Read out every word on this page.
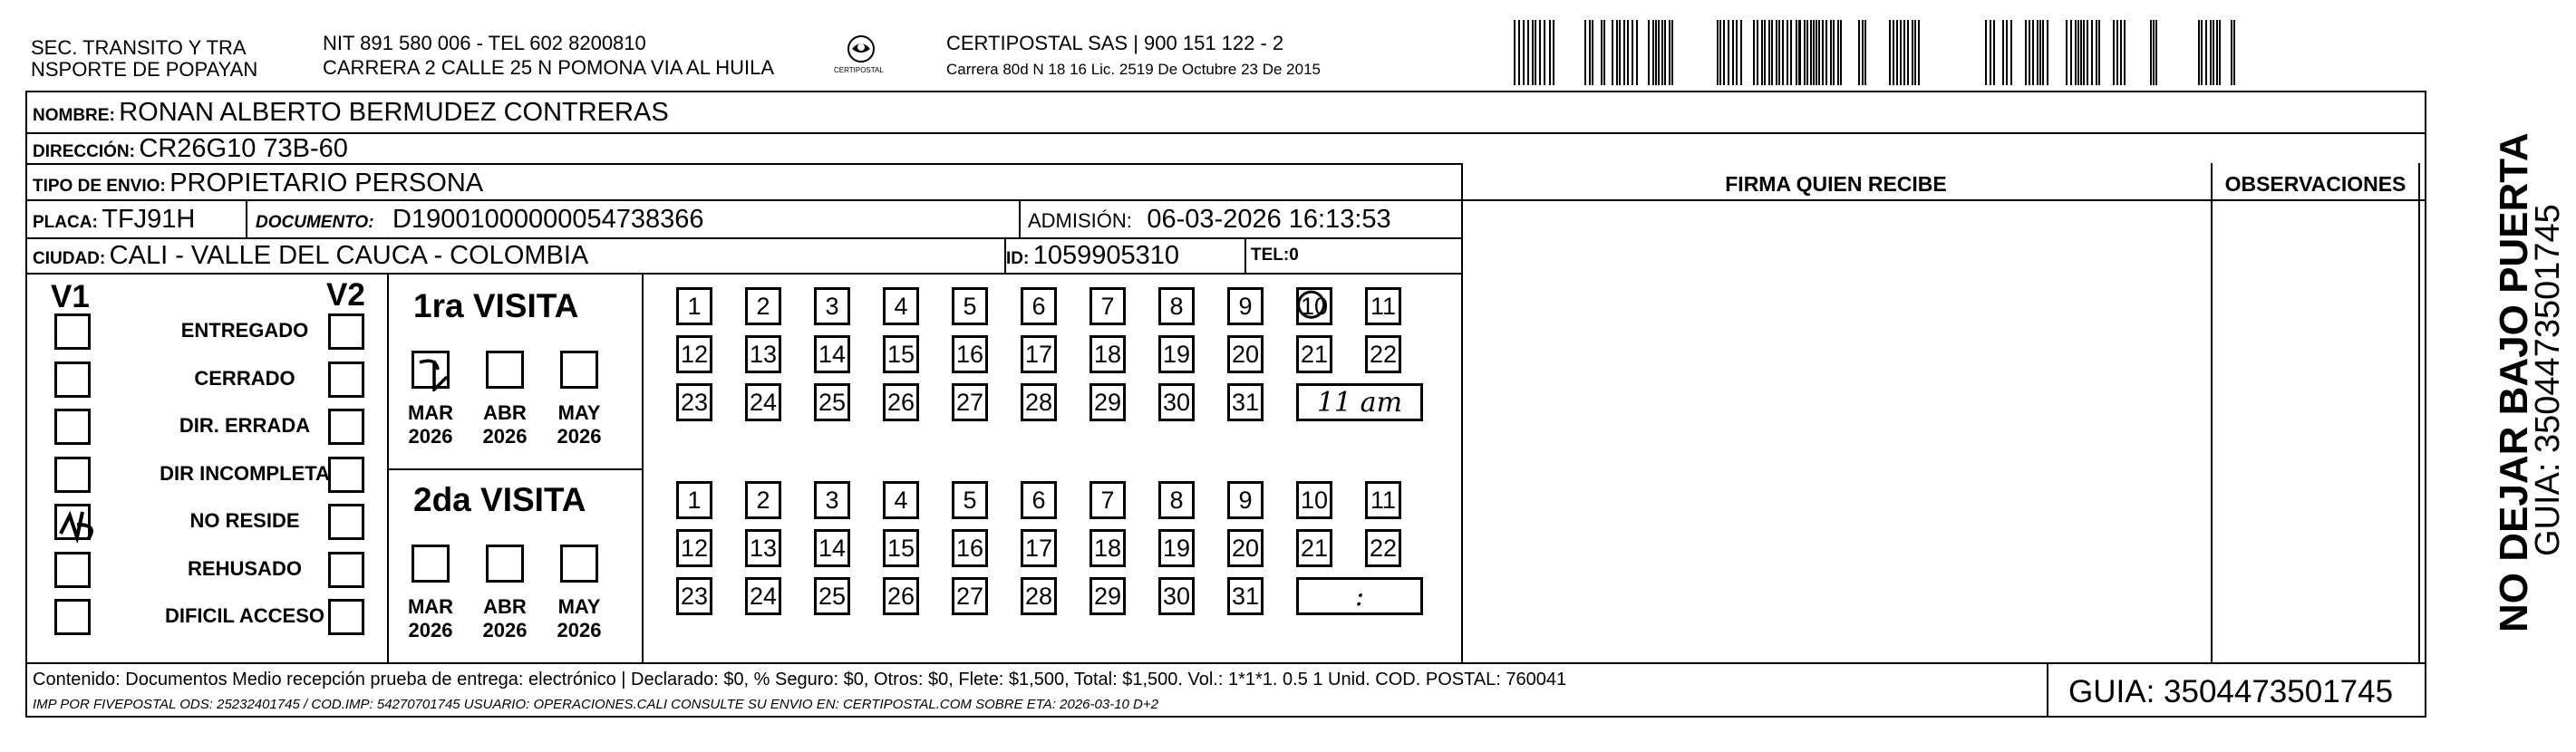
SEC. TRANSITO Y TRA
NSPORTE DE POPAYAN
NIT 891 580 006 - TEL 602 8200810
CARRERA 2 CALLE 25 N POMONA VIA AL HUILA	CERTIPOSTAL
CERTIPOSTAL SAS | 900 151 122 - 2
Carrera 80d N 18 16 Lic. 2519 De Octubre 23 De 2015
NOMBRE: RONAN ALBERTO BERMUDEZ CONTRERAS
DIRECCIÓN: CR26G10 73B-60
TIPO DE ENVIO: PROPIETARIO PERSONA
PLACA: TFJ91H	DOCUMENTO: D19001000000054738366	ADMISIÓN: 06-03-2026 16:13:53
CIUDAD: CALI - VALLE DEL CAUCA - COLOMBIA	ID: 1059905310	TEL:0
FIRMA QUIEN RECIBE	OBSERVACIONES
V1	V2
ENTREGADO
CERRADO
DIR. ERRADA
DIR INCOMPLETA
NO RESIDE
REHUSADO
DIFICIL ACCESO
1ra VISITA
MAR
2026
ABR
2026
MAY
2026
1	2	3	4	5	6	7	8	9	10 11
12 13 14 15 16 17 18 19 20 21 22
23 24 25 26 27 28 29 30 31	11 am
2da VISITA
MAR
2026
ABR
2026
MAY
2026
1	2	3	4	5	6	7	8	9	10 11
12 13 14 15 16 17 18 19 20 21 22
23 24 25 26 27 28 29 30 31	:
Contenido: Documentos Medio recepción prueba de entrega: electrónico | Declarado: $0, % Seguro: $0, Otros: $0, Flete: $1,500, Total: $1,500. Vol.: 1*1*1. 0.5 1 Unid. COD. POSTAL: 760041
IMP POR FIVEPOSTAL ODS: 25232401745 / COD.IMP: 54270701745 USUARIO: OPERACIONES.CALI CONSULTE SU ENVIO EN: CERTIPOSTAL.COM SOBRE ETA: 2026-03-10 D+2	GUIA: 3504473501745
NO DEJAR BAJO PUERTA
GUIA: 3504473501745
